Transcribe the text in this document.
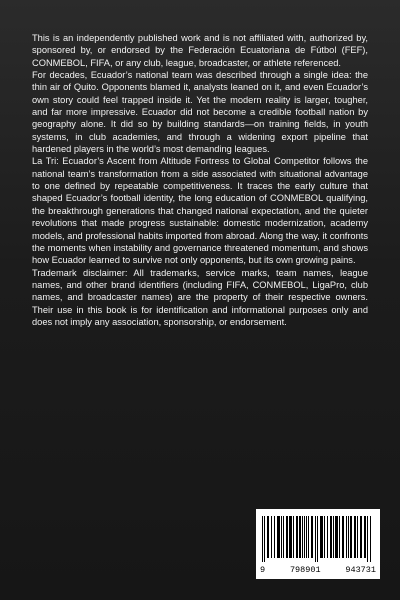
This is an independently published work and is not affiliated with, authorized by, sponsored by, or endorsed by the Federación Ecuatoriana de Fútbol (FEF), CONMEBOL, FIFA, or any club, league, broadcaster, or athlete referenced.

For decades, Ecuador’s national team was described through a single idea: the thin air of Quito. Opponents blamed it, analysts leaned on it, and even Ecuador’s own story could feel trapped inside it. Yet the modern reality is larger, tougher, and far more impressive. Ecuador did not become a credible football nation by geography alone. It did so by building standards—on training fields, in youth systems, in club academies, and through a widening export pipeline that hardened players in the world’s most demanding leagues.

La Tri: Ecuador’s Ascent from Altitude Fortress to Global Competitor follows the national team’s transformation from a side associated with situational advantage to one defined by repeatable competitiveness. It traces the early culture that shaped Ecuador’s football identity, the long education of CONMEBOL qualifying, the breakthrough generations that changed national expectation, and the quieter revolutions that made progress sustainable: domestic modernization, academy models, and professional habits imported from abroad. Along the way, it confronts the moments when instability and governance threatened momentum, and shows how Ecuador learned to survive not only opponents, but its own growing pains.

Trademark disclaimer: All trademarks, service marks, team names, league names, and other brand identifiers (including FIFA, CONMEBOL, LigaPro, club names, and broadcaster names) are the property of their respective owners. Their use in this book is for identification and informational purposes only and does not imply any association, sponsorship, or endorsement.

9	798901	943731
